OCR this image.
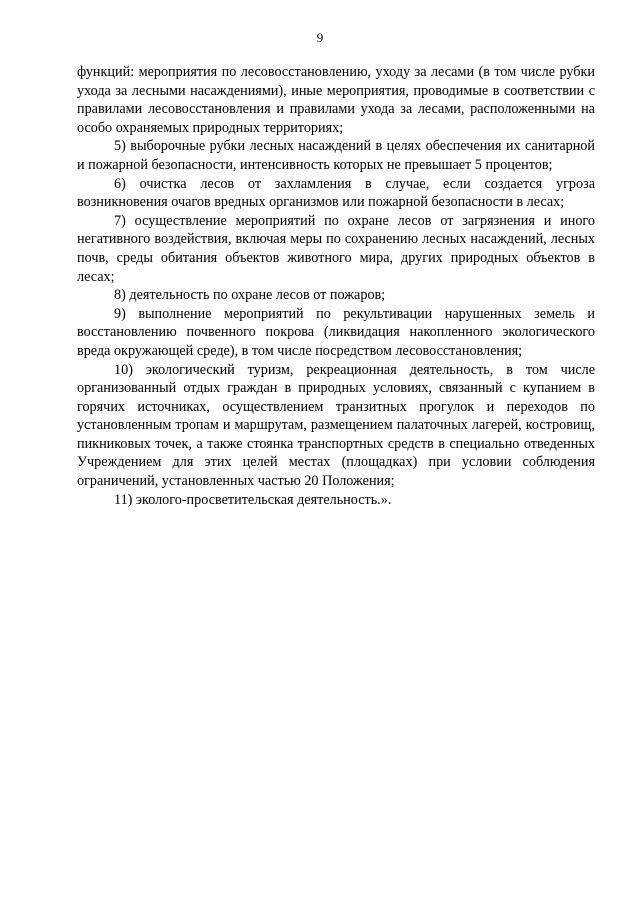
9

функций: мероприятия по лесовосстановлению, уходу за лесами (в том числе рубки ухода за лесными насаждениями), иные мероприятия, проводимые в соответствии с правилами лесовосстановления и правилами ухода за лесами, расположенными на особо охраняемых природных территориях;

5) выборочные рубки лесных насаждений в целях обеспечения их санитарной и пожарной безопасности, интенсивность которых не превышает 5 процентов;

6) очистка лесов от захламления в случае, если создается угроза возникновения очагов вредных организмов или пожарной безопасности в лесах;

7) осуществление мероприятий по охране лесов от загрязнения и иного негативного воздействия, включая меры по сохранению лесных насаждений, лесных почв, среды обитания объектов животного мира, других природных объектов в лесах;

8) деятельность по охране лесов от пожаров;

9) выполнение мероприятий по рекультивации нарушенных земель и восстановлению почвенного покрова (ликвидация накопленного экологического вреда окружающей среде), в том числе посредством лесовосстановления;

10) экологический туризм, рекреационная деятельность, в том числе организованный отдых граждан в природных условиях, связанный с купанием в горячих источниках, осуществлением транзитных прогулок и переходов по установленным тропам и маршрутам, размещением палаточных лагерей, костровищ, пикниковых точек, а также стоянка транспортных средств в специально отведенных Учреждением для этих целей местах (площадках) при условии соблюдения ограничений, установленных частью 20 Положения;

11) эколого-просветительская деятельность.».
